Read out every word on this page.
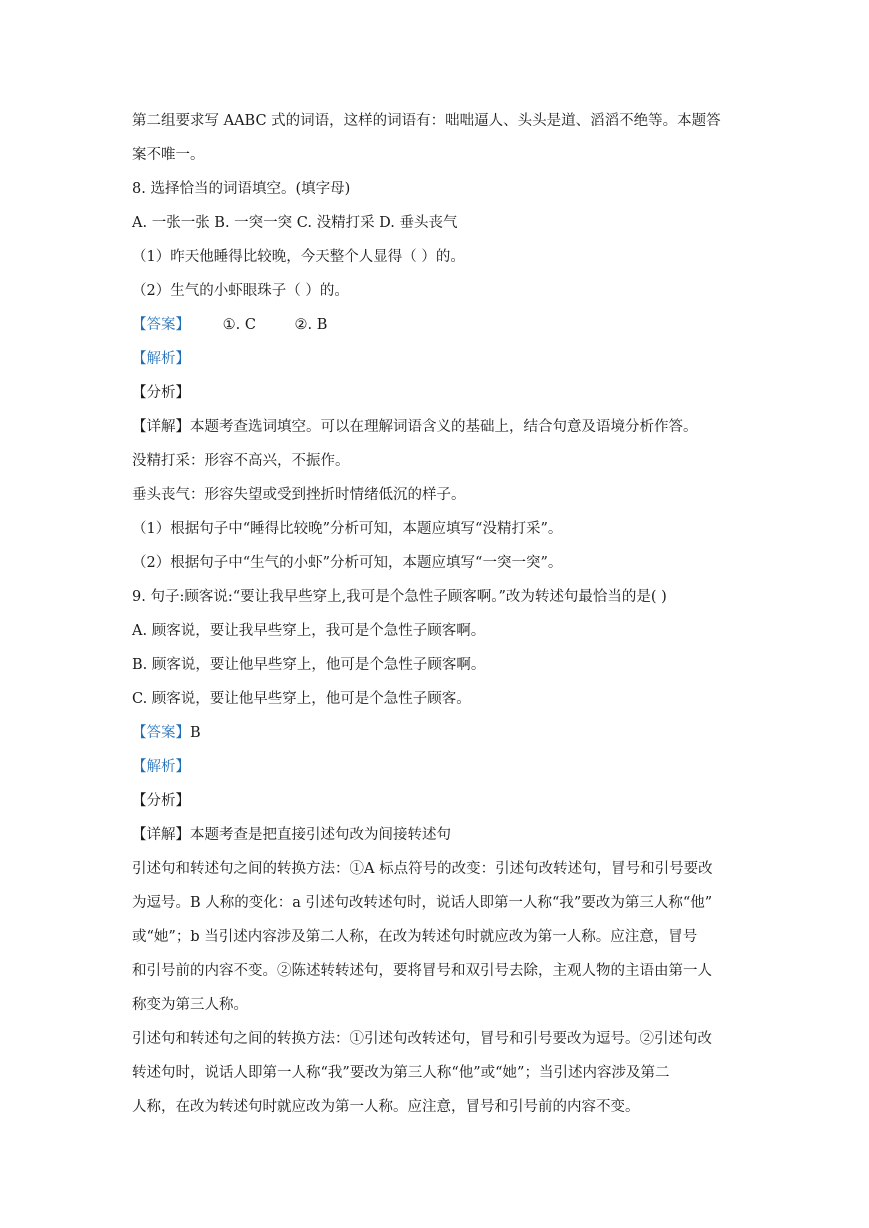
第二组要求写 AABC 式的词语，这样的词语有：咄咄逼人、头头是道、滔滔不绝等。本题答
案不唯一。
8. 选择恰当的词语填空。(填字母)
A. 一张一张 B. 一突一突 C. 没精打采 D. 垂头丧气
（1）昨天他睡得比较晚，今天整个人显得（ ）的。
（2）生气的小虾眼珠子（ ）的。
【答案】 ①. C	②. B
【解析】
【分析】
【详解】本题考查选词填空。可以在理解词语含义的基础上，结合句意及语境分析作答。
没精打采：形容不高兴，不振作。
垂头丧气：形容失望或受到挫折时情绪低沉的样子。
（1）根据句子中“睡得比较晚”分析可知，本题应填写“没精打采”。
（2）根据句子中“生气的小虾”分析可知，本题应填写“一突一突”。
9. 句子:顾客说:“要让我早些穿上,我可是个急性子顾客啊。”改为转述句最恰当的是( )
A. 顾客说，要让我早些穿上，我可是个急性子顾客啊。
B. 顾客说，要让他早些穿上，他可是个急性子顾客啊。
C. 顾客说，要让他早些穿上，他可是个急性子顾客。
【答案】B
【解析】
【分析】
【详解】本题考查是把直接引述句改为间接转述句
引述句和转述句之间的转换方法：①A 标点符号的改变：引述句改转述句，冒号和引号要改
为逗号。B 人称的变化：a 引述句改转述句时，说话人即第一人称“我”要改为第三人称“他”
或“她”；b 当引述内容涉及第二人称，在改为转述句时就应改为第一人称。应注意，冒号
和引号前的内容不变。②陈述转转述句，要将冒号和双引号去除，主观人物的主语由第一人
称变为第三人称。
引述句和转述句之间的转换方法：①引述句改转述句，冒号和引号要改为逗号。②引述句改
转述句时，说话人即第一人称“我”要改为第三人称“他”或“她”；当引述内容涉及第二
人称，在改为转述句时就应改为第一人称。应注意，冒号和引号前的内容不变。
